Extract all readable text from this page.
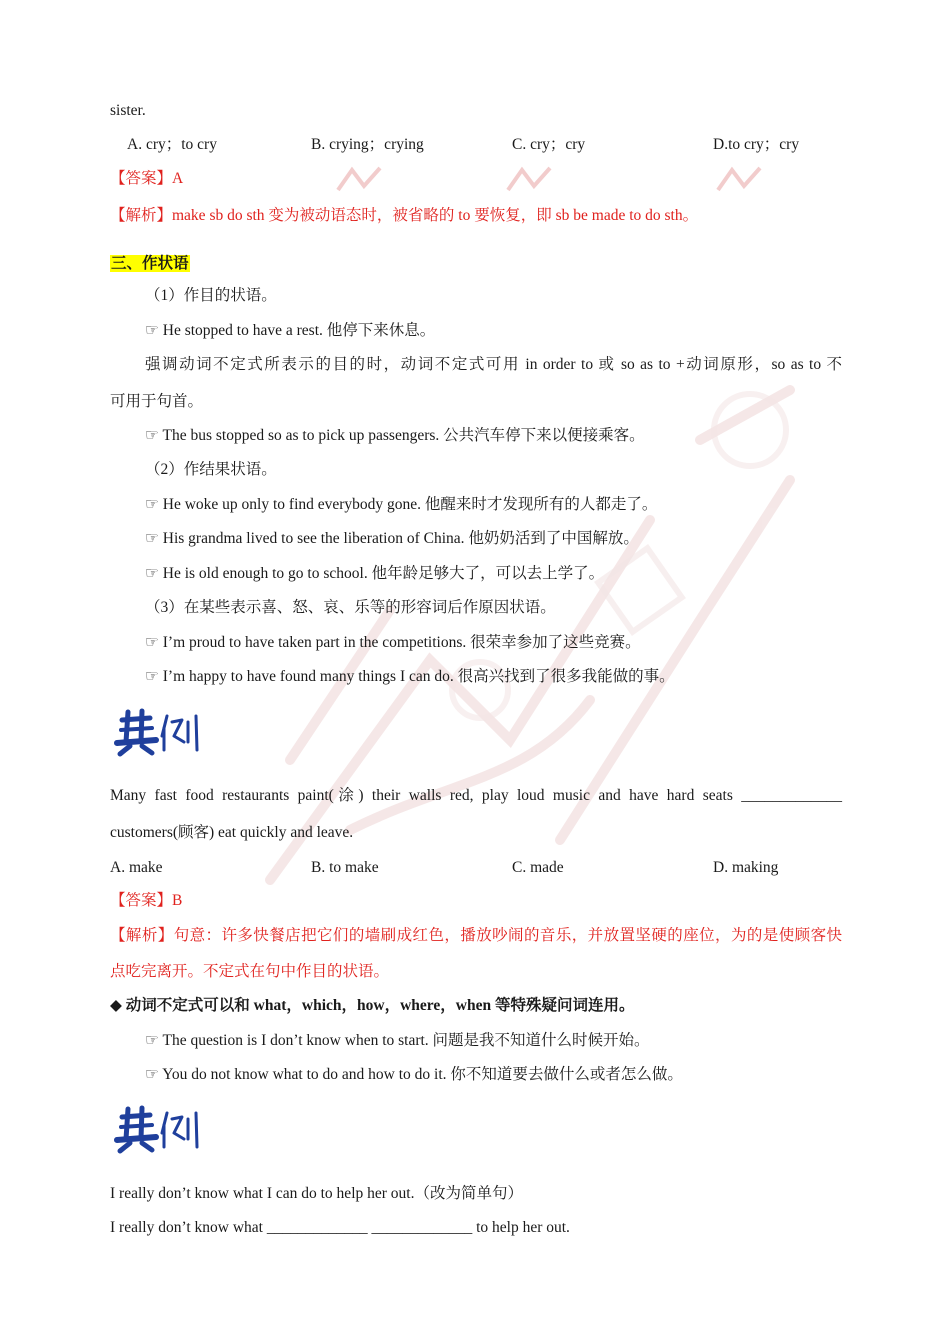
sister.
A. cry；to cry	B. crying；crying	C. cry；cry	D.to cry；cry
【答案】A
【解析】make sb do sth 变为被动语态时，被省略的 to 要恢复，即 sb be made to do sth。
三、作状语
（1）作目的状语。
☞ He stopped to have a rest. 他停下来休息。
强调动词不定式所表示的目的时，动词不定式可用 in order to 或 so as to +动词原形，so as to 不
可用于句首。
☞ The bus stopped so as to pick up passengers. 公共汽车停下来以便接乘客。
（2）作结果状语。
☞ He woke up only to find everybody gone. 他醒来时才发现所有的人都走了。
☞ His grandma lived to see the liberation of China. 他奶奶活到了中国解放。
☞ He is old enough to go to school. 他年龄足够大了，可以去上学了。
（3）在某些表示喜、怒、哀、乐等的形容词后作原因状语。
☞ I’m proud to have taken part in the competitions. 很荣幸参加了这些竞赛。
☞ I’m happy to have found many things I can do. 很高兴找到了很多我能做的事。
Many fast food restaurants paint(涂) their walls red, play loud music and have hard seats _____________
customers(顾客) eat quickly and leave.
A. make	B. to make	C. made	D. making
【答案】B
【解析】句意：许多快餐店把它们的墙刷成红色，播放吵闹的音乐，并放置坚硬的座位，为的是使顾客快
点吃完离开。不定式在句中作目的状语。
◆ 动词不定式可以和 what，which，how，where，when 等特殊疑问词连用。
☞ The question is I don’t know when to start. 问题是我不知道什么时候开始。
☞ You do not know what to do and how to do it. 你不知道要去做什么或者怎么做。
I really don’t know what I can do to help her out.（改为简单句）
I really don’t know what _____________ _____________ to help her out.
